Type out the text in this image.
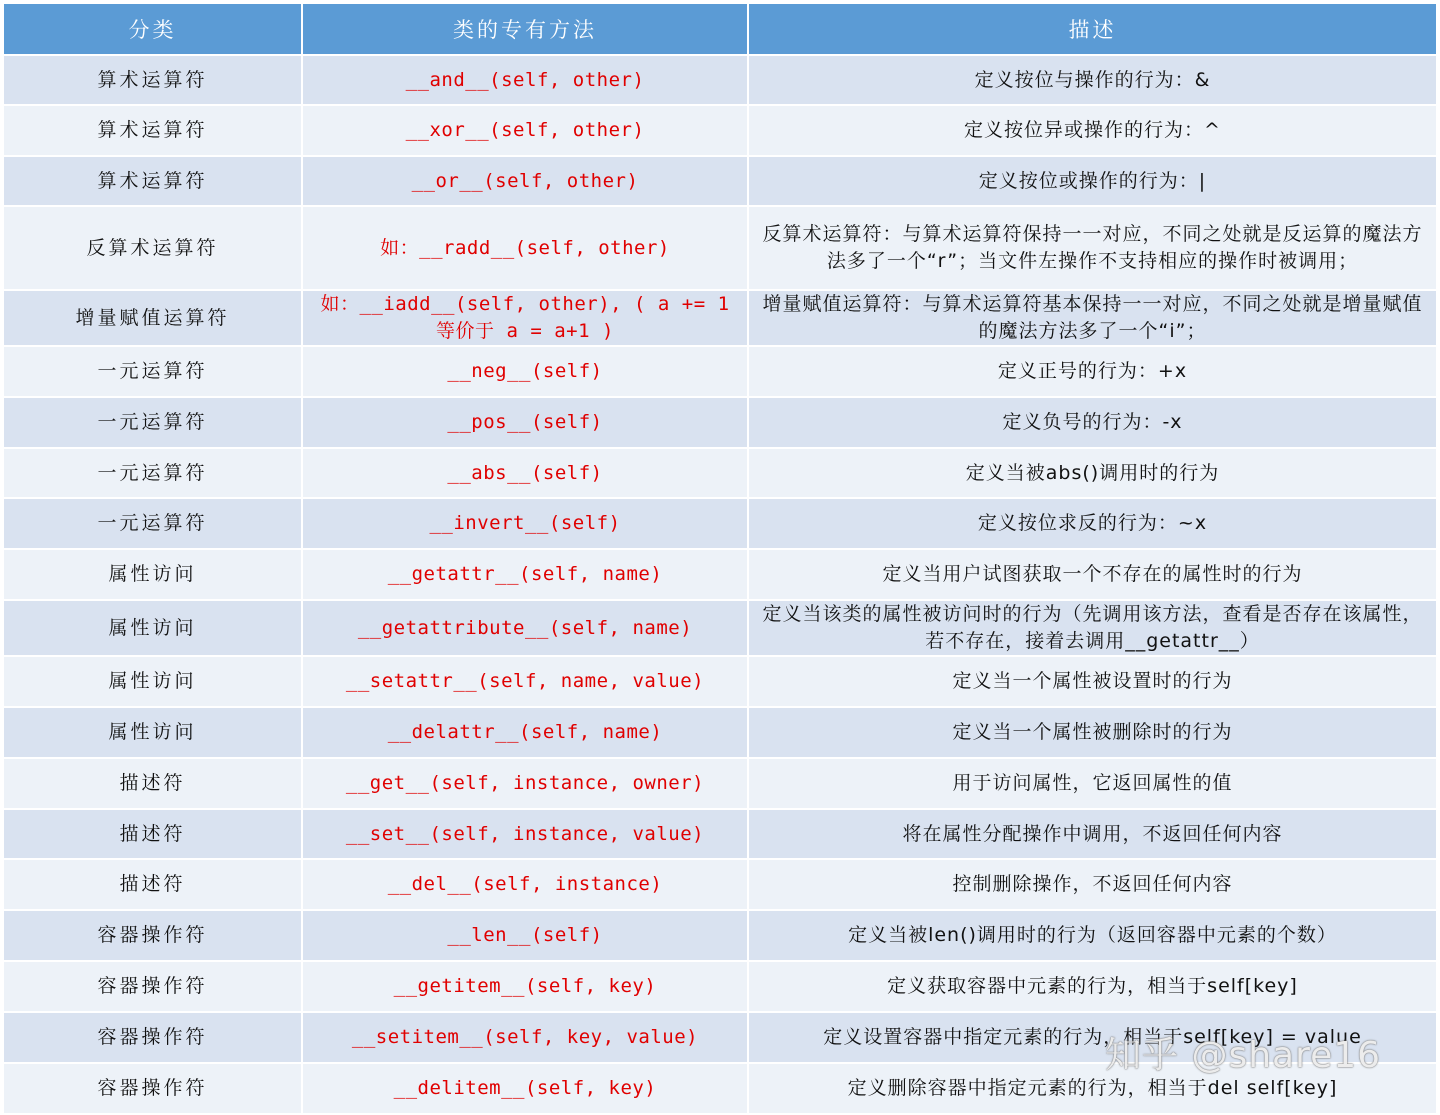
分类	类的专有方法	描述
算术运算符	__and__(self, other)	定义按位与操作的行为：&
算术运算符	__xor__(self, other)	定义按位异或操作的行为：^
算术运算符	__or__(self, other)	定义按位或操作的行为：|
反算术运算符	如：__radd__(self, other)	反算术运算符：与算术运算符保持一一对应，不同之处就是反运算的魔法方法多了一个“r”；当文件左操作不支持相应的操作时被调用；
增量赋值运算符	如：__iadd__(self, other), ( a += 1 等价于 a = a+1 )	增量赋值运算符：与算术运算符基本保持一一对应，不同之处就是增量赋值的魔法方法多了一个“i”；
一元运算符	__neg__(self)	定义正号的行为：+x
一元运算符	__pos__(self)	定义负号的行为：-x
一元运算符	__abs__(self)	定义当被abs()调用时的行为
一元运算符	__invert__(self)	定义按位求反的行为：~x
属性访问	__getattr__(self, name)	定义当用户试图获取一个不存在的属性时的行为
属性访问	__getattribute__(self, name)	定义当该类的属性被访问时的行为（先调用该方法，查看是否存在该属性，若不存在，接着去调用__getattr__）
属性访问	__setattr__(self, name, value)	定义当一个属性被设置时的行为
属性访问	__delattr__(self, name)	定义当一个属性被删除时的行为
描述符	__get__(self, instance, owner)	用于访问属性，它返回属性的值
描述符	__set__(self, instance, value)	将在属性分配操作中调用，不返回任何内容
描述符	__del__(self, instance)	控制删除操作，不返回任何内容
容器操作符	__len__(self)	定义当被len()调用时的行为（返回容器中元素的个数）
容器操作符	__getitem__(self, key)	定义获取容器中元素的行为，相当于self[key]
容器操作符	__setitem__(self, key, value)	定义设置容器中指定元素的行为，相当于self[key] = value
容器操作符	__delitem__(self, key)	定义删除容器中指定元素的行为，相当于del self[key]
知乎 @share16
